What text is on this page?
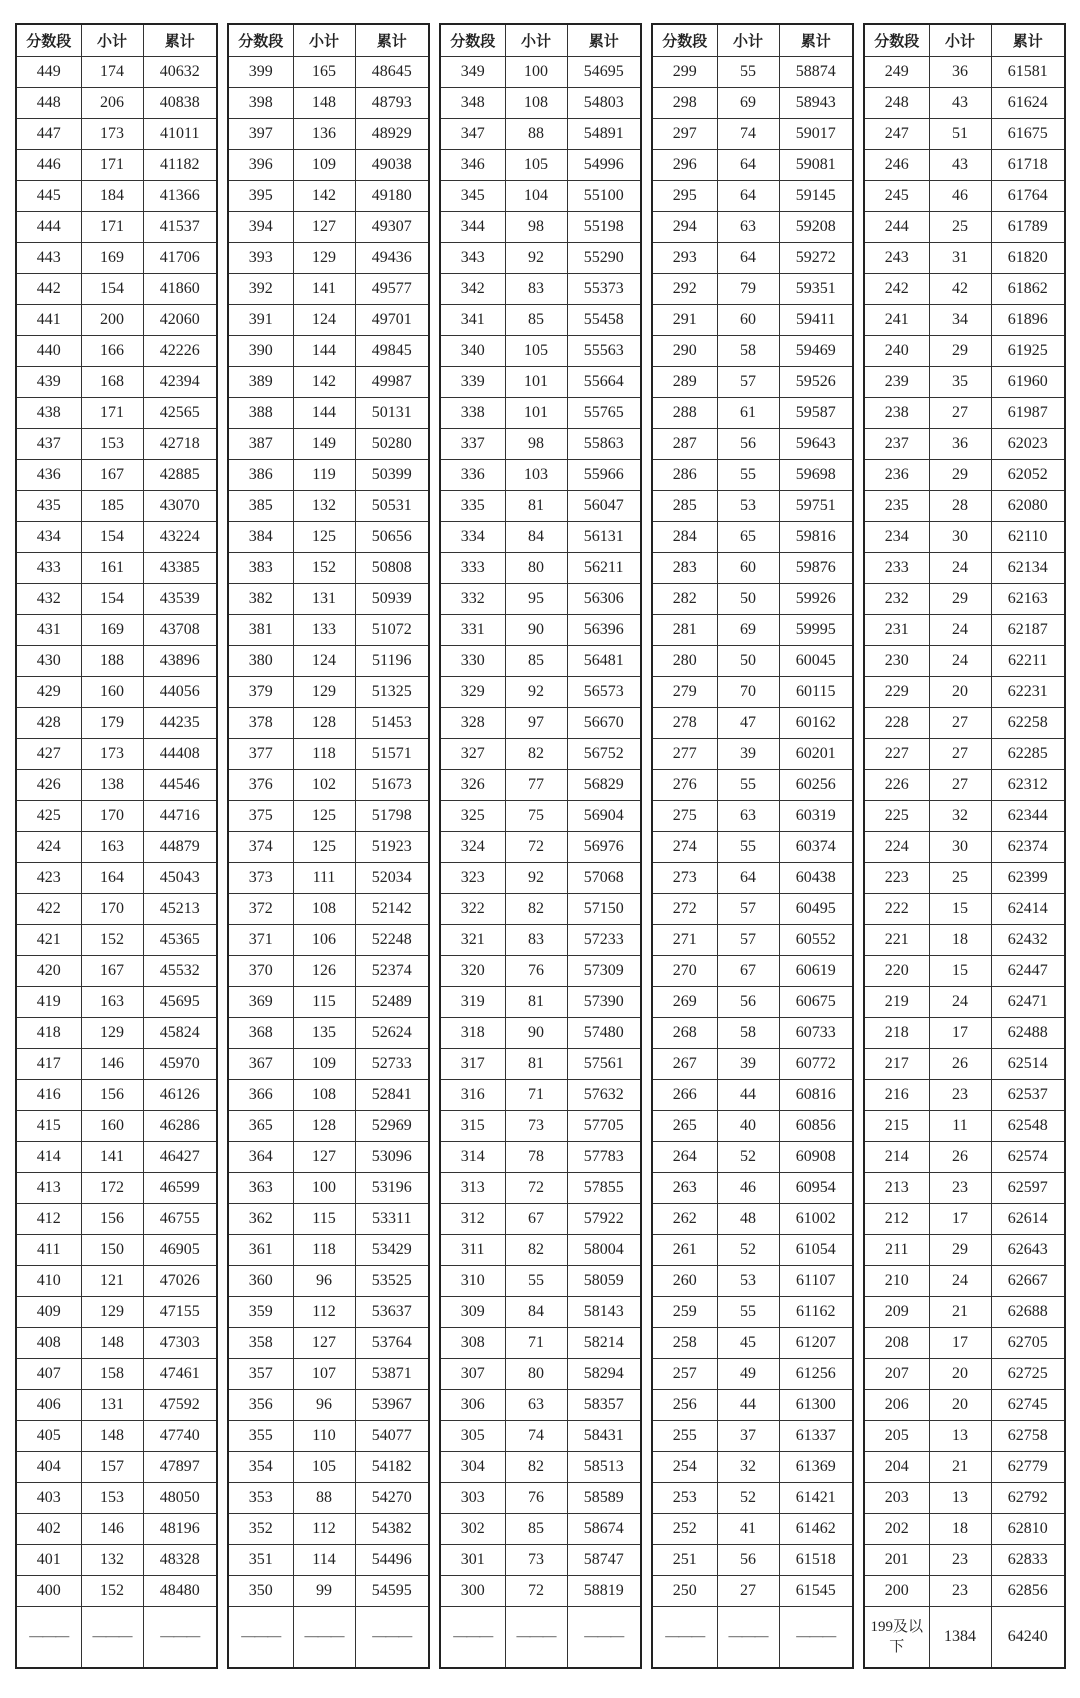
分数段	小计	累计
449	174	40632
448	206	40838
447	173	41011
446	171	41182
445	184	41366
444	171	41537
443	169	41706
442	154	41860
441	200	42060
440	166	42226
439	168	42394
438	171	42565
437	153	42718
436	167	42885
435	185	43070
434	154	43224
433	161	43385
432	154	43539
431	169	43708
430	188	43896
429	160	44056
428	179	44235
427	173	44408
426	138	44546
425	170	44716
424	163	44879
423	164	45043
422	170	45213
421	152	45365
420	167	45532
419	163	45695
418	129	45824
417	146	45970
416	156	46126
415	160	46286
414	141	46427
413	172	46599
412	156	46755
411	150	46905
410	121	47026
409	129	47155
408	148	47303
407	158	47461
406	131	47592
405	148	47740
404	157	47897
403	153	48050
402	146	48196
401	132	48328
400	152	48480
———	———	———
分数段	小计	累计
399	165	48645
398	148	48793
397	136	48929
396	109	49038
395	142	49180
394	127	49307
393	129	49436
392	141	49577
391	124	49701
390	144	49845
389	142	49987
388	144	50131
387	149	50280
386	119	50399
385	132	50531
384	125	50656
383	152	50808
382	131	50939
381	133	51072
380	124	51196
379	129	51325
378	128	51453
377	118	51571
376	102	51673
375	125	51798
374	125	51923
373	111	52034
372	108	52142
371	106	52248
370	126	52374
369	115	52489
368	135	52624
367	109	52733
366	108	52841
365	128	52969
364	127	53096
363	100	53196
362	115	53311
361	118	53429
360	96	53525
359	112	53637
358	127	53764
357	107	53871
356	96	53967
355	110	54077
354	105	54182
353	88	54270
352	112	54382
351	114	54496
350	99	54595
———	———	———
分数段	小计	累计
349	100	54695
348	108	54803
347	88	54891
346	105	54996
345	104	55100
344	98	55198
343	92	55290
342	83	55373
341	85	55458
340	105	55563
339	101	55664
338	101	55765
337	98	55863
336	103	55966
335	81	56047
334	84	56131
333	80	56211
332	95	56306
331	90	56396
330	85	56481
329	92	56573
328	97	56670
327	82	56752
326	77	56829
325	75	56904
324	72	56976
323	92	57068
322	82	57150
321	83	57233
320	76	57309
319	81	57390
318	90	57480
317	81	57561
316	71	57632
315	73	57705
314	78	57783
313	72	57855
312	67	57922
311	82	58004
310	55	58059
309	84	58143
308	71	58214
307	80	58294
306	63	58357
305	74	58431
304	82	58513
303	76	58589
302	85	58674
301	73	58747
300	72	58819
———	———	———
分数段	小计	累计
299	55	58874
298	69	58943
297	74	59017
296	64	59081
295	64	59145
294	63	59208
293	64	59272
292	79	59351
291	60	59411
290	58	59469
289	57	59526
288	61	59587
287	56	59643
286	55	59698
285	53	59751
284	65	59816
283	60	59876
282	50	59926
281	69	59995
280	50	60045
279	70	60115
278	47	60162
277	39	60201
276	55	60256
275	63	60319
274	55	60374
273	64	60438
272	57	60495
271	57	60552
270	67	60619
269	56	60675
268	58	60733
267	39	60772
266	44	60816
265	40	60856
264	52	60908
263	46	60954
262	48	61002
261	52	61054
260	53	61107
259	55	61162
258	45	61207
257	49	61256
256	44	61300
255	37	61337
254	32	61369
253	52	61421
252	41	61462
251	56	61518
250	27	61545
———	———	———
分数段	小计	累计
249	36	61581
248	43	61624
247	51	61675
246	43	61718
245	46	61764
244	25	61789
243	31	61820
242	42	61862
241	34	61896
240	29	61925
239	35	61960
238	27	61987
237	36	62023
236	29	62052
235	28	62080
234	30	62110
233	24	62134
232	29	62163
231	24	62187
230	24	62211
229	20	62231
228	27	62258
227	27	62285
226	27	62312
225	32	62344
224	30	62374
223	25	62399
222	15	62414
221	18	62432
220	15	62447
219	24	62471
218	17	62488
217	26	62514
216	23	62537
215	11	62548
214	26	62574
213	23	62597
212	17	62614
211	29	62643
210	24	62667
209	21	62688
208	17	62705
207	20	62725
206	20	62745
205	13	62758
204	21	62779
203	13	62792
202	18	62810
201	23	62833
200	23	62856
199及以下	1384	64240
